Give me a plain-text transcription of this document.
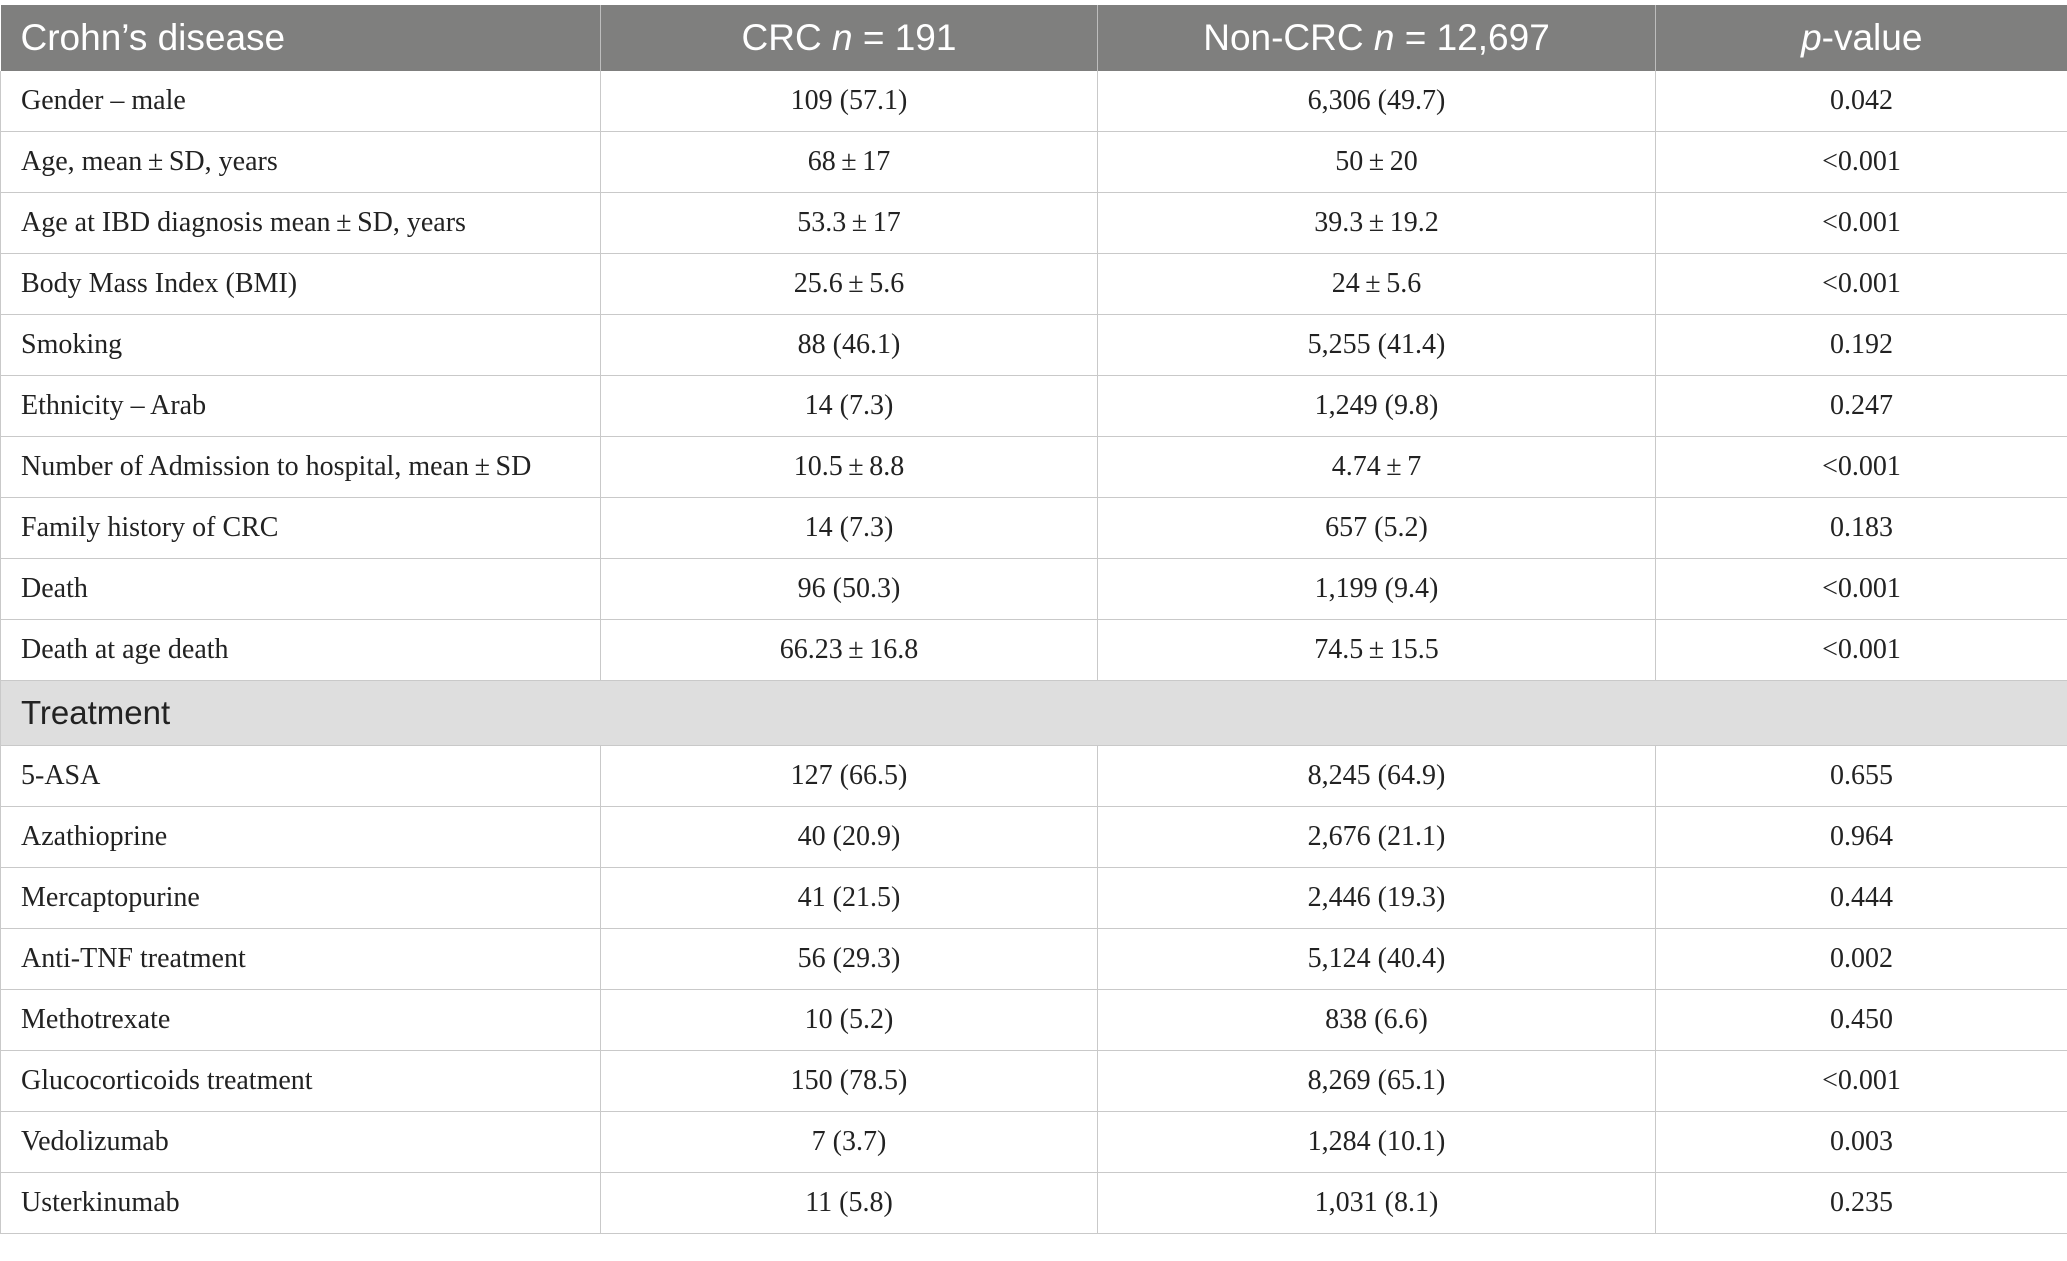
Crohn’s disease	CRC n = 191	Non-CRC n = 12,697	p-value
Gender – male	109 (57.1)	6,306 (49.7)	0.042
Age, mean ± SD, years	68 ± 17	50 ± 20	<0.001
Age at IBD diagnosis mean ± SD, years	53.3 ± 17	39.3 ± 19.2	<0.001
Body Mass Index (BMI)	25.6 ± 5.6	24 ± 5.6	<0.001
Smoking	88 (46.1)	5,255 (41.4)	0.192
Ethnicity – Arab	14 (7.3)	1,249 (9.8)	0.247
Number of Admission to hospital, mean ± SD	10.5 ± 8.8	4.74 ± 7	<0.001
Family history of CRC	14 (7.3)	657 (5.2)	0.183
Death	96 (50.3)	1,199 (9.4)	<0.001
Death at age death	66.23 ± 16.8	74.5 ± 15.5	<0.001
Treatment			
5-ASA	127 (66.5)	8,245 (64.9)	0.655
Azathioprine	40 (20.9)	2,676 (21.1)	0.964
Mercaptopurine	41 (21.5)	2,446 (19.3)	0.444
Anti-TNF treatment	56 (29.3)	5,124 (40.4)	0.002
Methotrexate	10 (5.2)	838 (6.6)	0.450
Glucocorticoids treatment	150 (78.5)	8,269 (65.1)	<0.001
Vedolizumab	7 (3.7)	1,284 (10.1)	0.003
Usterkinumab	11 (5.8)	1,031 (8.1)	0.235
